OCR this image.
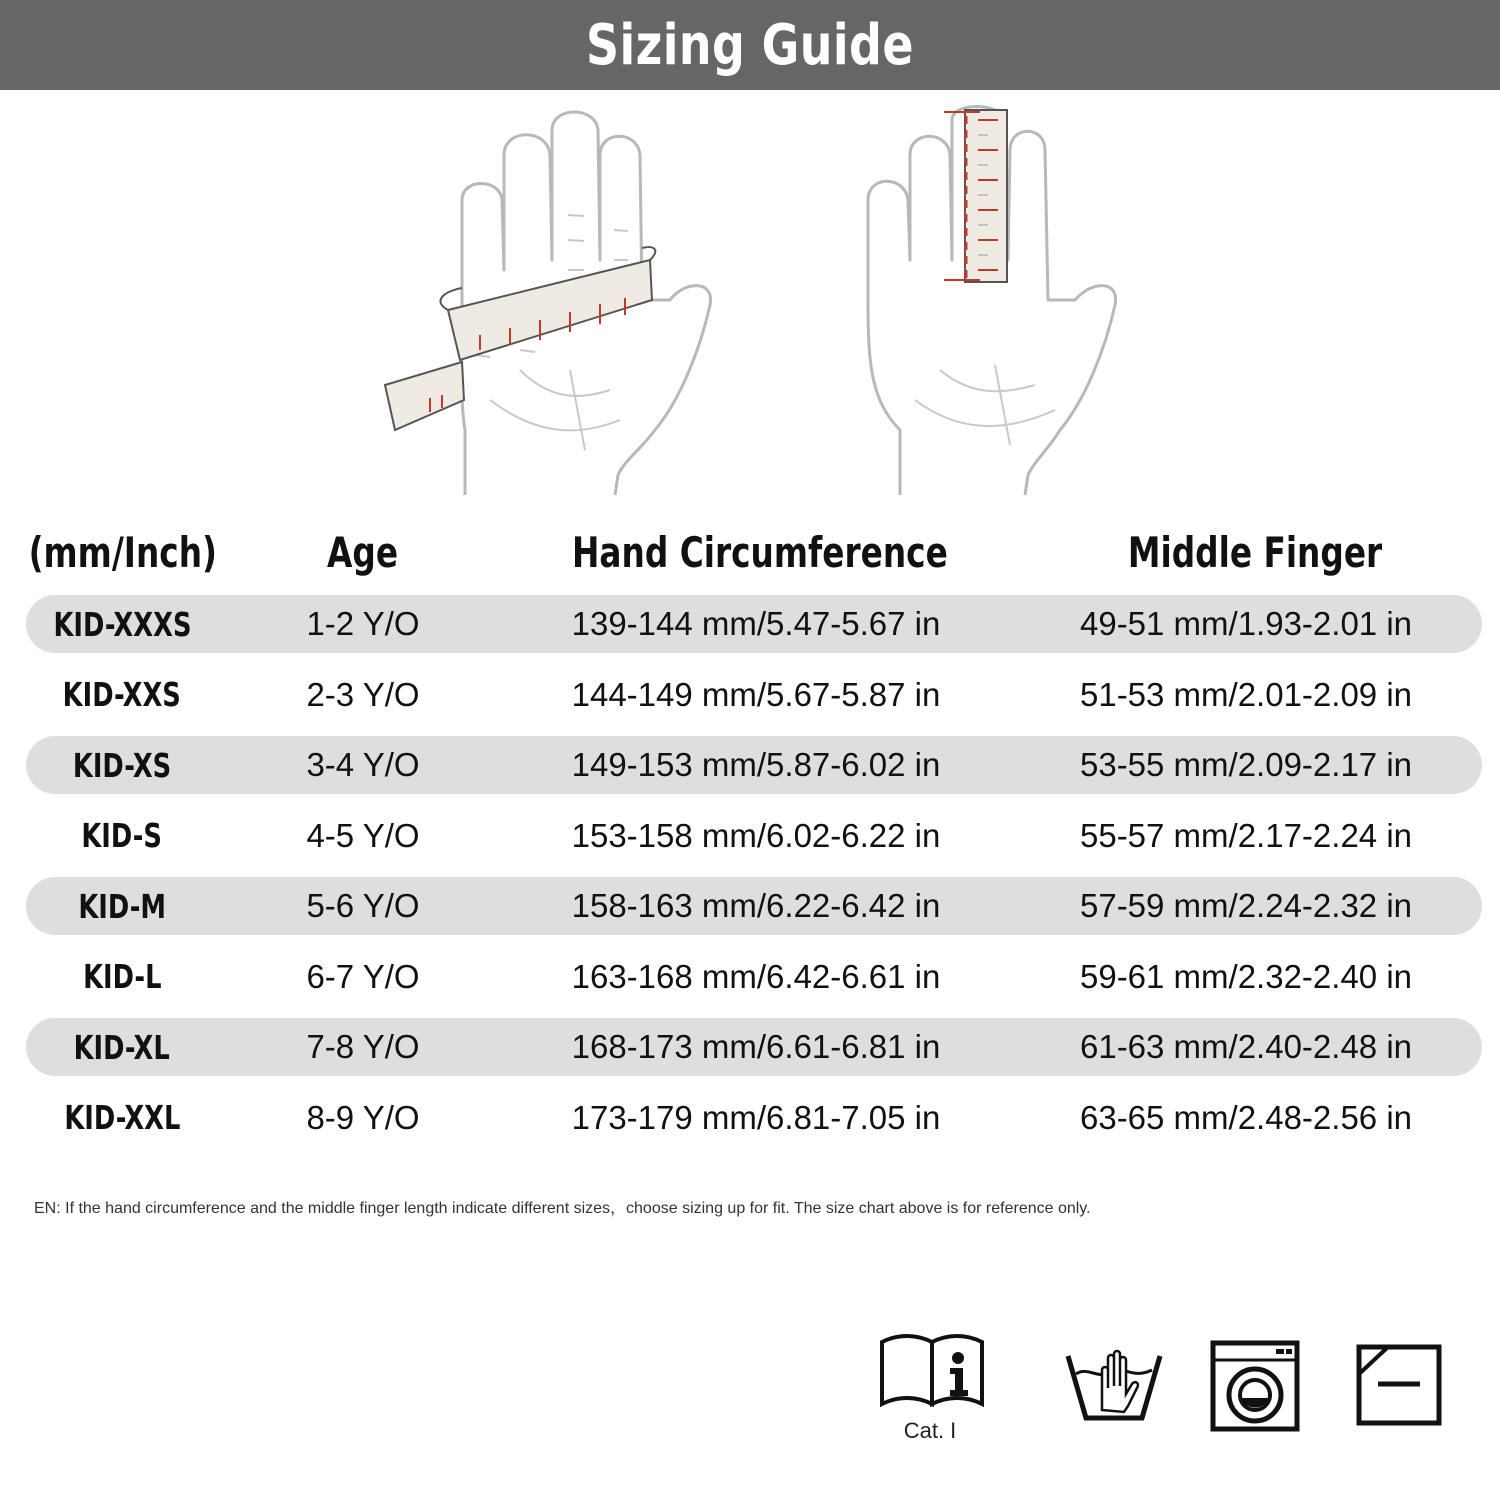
Sizing Guide
(mm/Inch)	Age	Hand Circumference	Middle Finger
KID-XXXS	1-2 Y/O	139-144 mm/5.47-5.67 in	49-51 mm/1.93-2.01 in
KID-XXS	2-3 Y/O	144-149 mm/5.67-5.87 in	51-53 mm/2.01-2.09 in
KID-XS	3-4 Y/O	149-153 mm/5.87-6.02 in	53-55 mm/2.09-2.17 in
KID-S	4-5 Y/O	153-158 mm/6.02-6.22 in	55-57 mm/2.17-2.24 in
KID-M	5-6 Y/O	158-163 mm/6.22-6.42 in	57-59 mm/2.24-2.32 in
KID-L	6-7 Y/O	163-168 mm/6.42-6.61 in	59-61 mm/2.32-2.40 in
KID-XL	7-8 Y/O	168-173 mm/6.61-6.81 in	61-63 mm/2.40-2.48 in
KID-XXL	8-9 Y/O	173-179 mm/6.81-7.05 in	63-65 mm/2.48-2.56 in
EN: If the hand circumference and the middle finger length indicate different sizes，choose sizing up for fit. The size chart above is for reference only.
Cat. I
